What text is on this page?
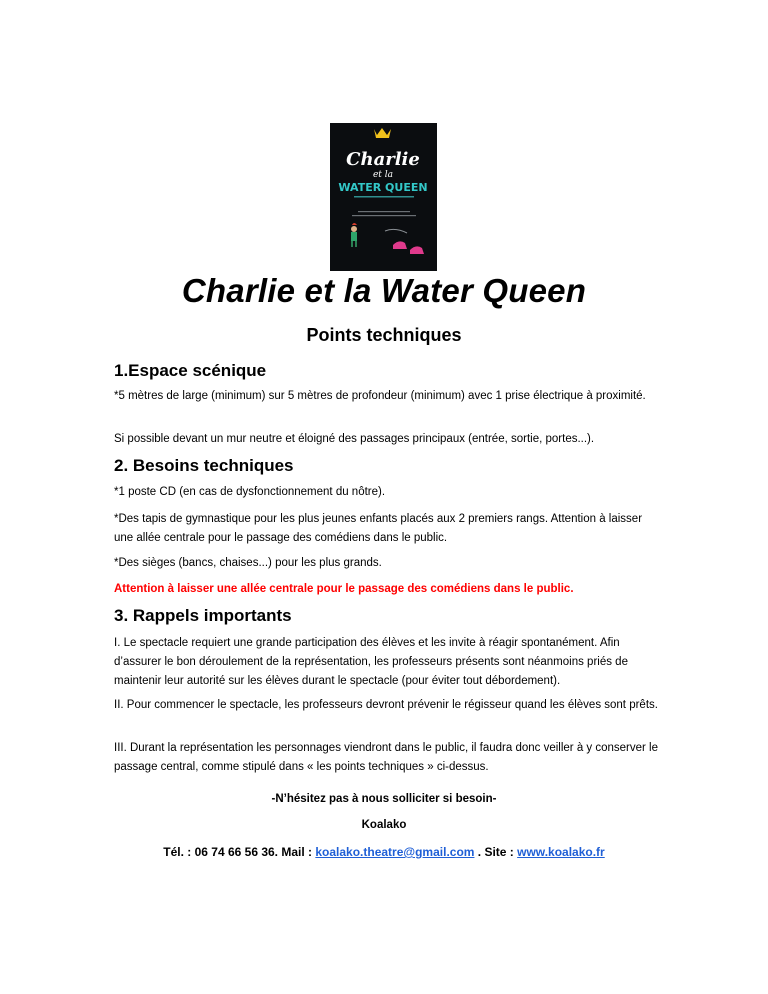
Charlie
et la
WATER QUEEN
Charlie et la Water Queen
Points techniques
1.Espace scénique

*5 mètres de large (minimum) sur 5 mètres de profondeur (minimum) avec 1 prise électrique à proximité.

Si possible devant un mur neutre et éloigné des passages principaux (entrée, sortie, portes...).

2. Besoins techniques

*1 poste CD (en cas de dysfonctionnement du nôtre).

*Des tapis de gymnastique pour les plus jeunes enfants placés aux 2 premiers rangs. Attention à laisser une allée centrale pour le passage des comédiens dans le public.

*Des sièges (bancs, chaises...) pour les plus grands.

Attention à laisser une allée centrale pour le passage des comédiens dans le public.

3. Rappels importants

I. Le spectacle requiert une grande participation des élèves et les invite à réagir spontanément. Afin d’assurer le bon déroulement de la représentation, les professeurs présents sont néanmoins priés de maintenir leur autorité sur les élèves durant le spectacle (pour éviter tout débordement).

II. Pour commencer le spectacle, les professeurs devront prévenir le régisseur quand les élèves sont prêts.

III. Durant la représentation les personnages viendront dans le public, il faudra donc veiller à y conserver le passage central, comme stipulé dans « les points techniques » ci-dessus.

-N’hésitez pas à nous solliciter si besoin-

Koalako

Tél. : 06 74 66 56 36. Mail : koalako.theatre@gmail.com . Site : www.koalako.fr
